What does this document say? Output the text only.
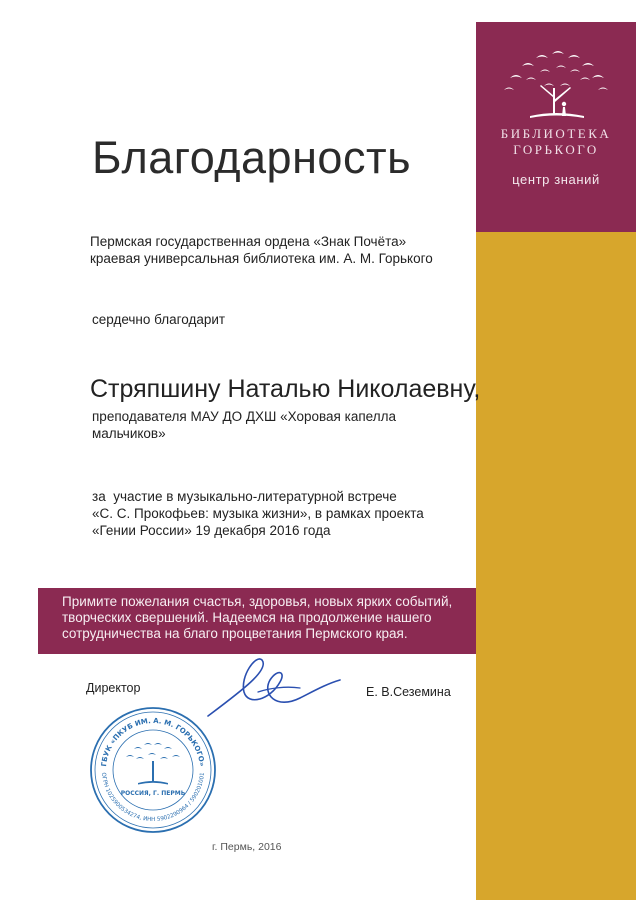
БИБЛИОТЕКА
ГОРЬКОГО
центр знаний
Благодарность
Пермская государственная ордена «Знак Почёта»
краевая универсальная библиотека им. А. М. Горького
сердечно благодарит
Стряпшину Наталью Николаевну,
преподавателя МАУ ДО ДХШ «Хоровая капелла мальчиков»
за  участие в музыкально-литературной встрече
«С. С. Прокофьев: музыка жизни», в рамках проекта
«Гении России» 19 декабря 2016 года
Примите пожелания счастья, здоровья, новых ярких событий,
творческих свершений. Надеемся на продолжение нашего
сотрудничества на благо процветания Пермского края.
Директор	Е. В.Сеземина
ГБУК «ПКУБ ИМ. А. М. ГОРЬКОГО»
ОГРН 1025900534274, ИНН 5902290964 / 590201001
РОССИЯ, Г. ПЕРМЬ
г. Пермь, 2016
